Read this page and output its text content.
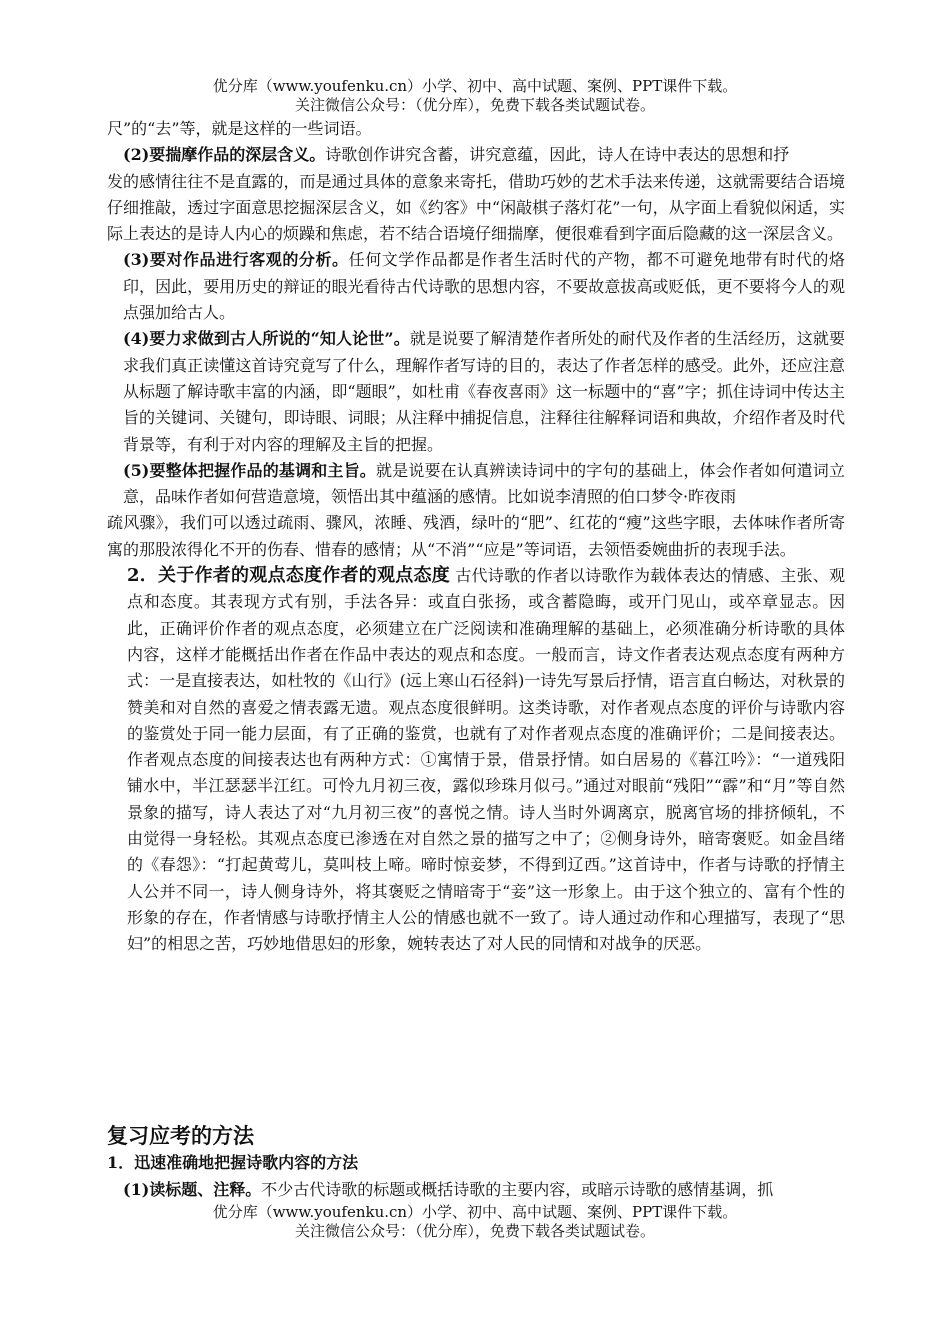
优分库（www.youfenku.cn）小学、初中、高中试题、案例、PPT课件下载。
关注微信公众号：（优分库），免费下载各类试题试卷。

尺”的“去”等，就是这样的一些词语。

(2)要揣摩作品的深层含义。诗歌创作讲究含蓄，讲究意蕴，因此，诗人在诗中表达的思想和抒

发的感情往往不是直露的，而是通过具体的意象来寄托，借助巧妙的艺术手法来传递，这就需要结合语境仔细推敲，透过字面意思挖掘深层含义，如《约客》中“闲敲棋子落灯花”一句，从字面上看貌似闲适，实际上表达的是诗人内心的烦躁和焦虑，若不结合语境仔细揣摩，便很难看到字面后隐藏的这一深层含义。

(3)要对作品进行客观的分析。任何文学作品都是作者生活时代的产物，都不可避免地带有时代的烙印，因此，要用历史的辩证的眼光看待古代诗歌的思想内容，不要故意拔高或贬低，更不要将今人的观点强加给古人。

(4)要力求做到古人所说的“知人论世”。就是说要了解清楚作者所处的耐代及作者的生活经历，这就要求我们真正读懂这首诗究竟写了什么，理解作者写诗的目的，表达了作者怎样的感受。此外，还应注意从标题了解诗歌丰富的内涵，即“题眼”，如杜甫《春夜喜雨》这一标题中的“喜”字；抓住诗词中传达主旨的关键词、关键句，即诗眼、词眼；从注释中捕捉信息，注释往往解释词语和典故，介绍作者及时代背景等，有利于对内容的理解及主旨的把握。

(5)要整体把握作品的基调和主旨。就是说要在认真辨读诗词中的字句的基础上，体会作者如何遣词立意，品味作者如何营造意境，领悟出其中蕴涵的感情。比如说李清照的伯口梦令·昨夜雨

疏风骤》，我们可以透过疏雨、骤风，浓睡、残酒，绿叶的“肥”、红花的“瘦”这些字眼，去体味作者所寄寓的那股浓得化不开的伤春、惜春的感情；从“不消”“应是”等词语，去领悟委婉曲折的表现手法。

2．关于作者的观点态度作者的观点态度 古代诗歌的作者以诗歌作为载体表达的情感、主张、观点和态度。其表现方式有别，手法各异：或直白张扬，或含蓄隐晦，或开门见山，或卒章显志。因此，正确评价作者的观点态度，必须建立在广泛阅读和准确理解的基础上，必须准确分析诗歌的具体内容，这样才能概括出作者在作品中表达的观点和态度。一般而言，诗文作者表达观点态度有两种方式：一是直接表达，如杜牧的《山行》(远上寒山石径斜)一诗先写景后抒情，语言直白畅达，对秋景的赞美和对自然的喜爱之情表露无遗。观点态度很鲜明。这类诗歌，对作者观点态度的评价与诗歌内容的鉴赏处于同一能力层面，有了正确的鉴赏，也就有了对作者观点态度的准确评价；二是间接表达。作者观点态度的间接表达也有两种方式：①寓情于景，借景抒情。如白居易的《暮江吟》：“一道残阳铺水中，半江瑟瑟半江红。可怜九月初三夜，露似珍珠月似弓。”通过对眼前“残阳”“霹”和“月”等自然景象的描写，诗人表达了对“九月初三夜”的喜悦之情。诗人当时外调离京，脱离官场的排挤倾轧，不由觉得一身轻松。其观点态度已渗透在对自然之景的描写之中了；②侧身诗外，暗寄褒贬。如金昌绪的《春怨》：“打起黄莺儿，莫叫枝上啼。啼时惊妾梦，不得到辽西。”这首诗中，作者与诗歌的抒情主人公并不同一，诗人侧身诗外，将其褒贬之情暗寄于“妾”这一形象上。由于这个独立的、富有个性的形象的存在，作者情感与诗歌抒情主人公的情感也就不一致了。诗人通过动作和心理描写，表现了“思妇”的相思之苦，巧妙地借思妇的形象，婉转表达了对人民的同情和对战争的厌恶。

复习应考的方法
1．迅速准确地把握诗歌内容的方法
(1)读标题、注释。不少古代诗歌的标题或概括诗歌的主要内容，或暗示诗歌的感情基调，抓
优分库（www.youfenku.cn）小学、初中、高中试题、案例、PPT课件下载。
关注微信公众号：（优分库），免费下载各类试题试卷。
